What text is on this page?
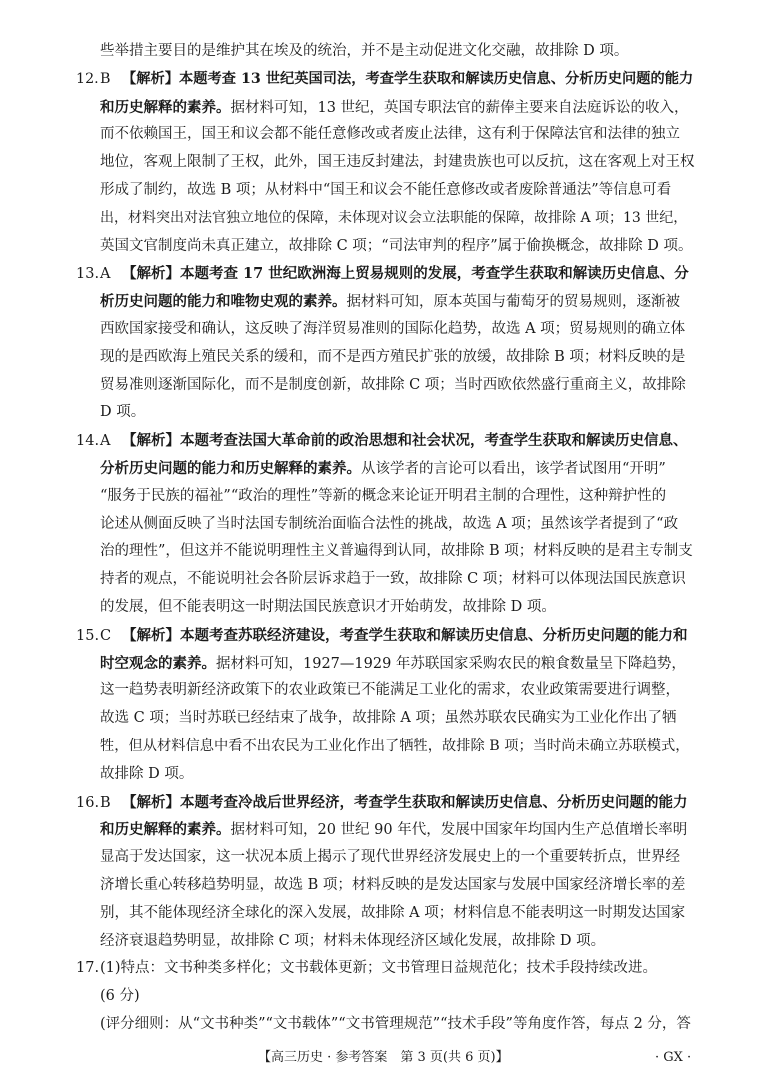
些举措主要目的是维护其在埃及的统治，并不是主动促进文化交融，故排除 D 项。
12.B 【解析】本题考查 13 世纪英国司法，考查学生获取和解读历史信息、分析历史问题的能力
和历史解释的素养。据材料可知，13 世纪，英国专职法官的薪俸主要来自法庭诉讼的收入，
而不依赖国王，国王和议会都不能任意修改或者废止法律，这有利于保障法官和法律的独立
地位，客观上限制了王权，此外，国王违反封建法，封建贵族也可以反抗，这在客观上对王权
形成了制约，故选 B 项；从材料中“国王和议会不能任意修改或者废除普通法”等信息可看
出，材料突出对法官独立地位的保障，未体现对议会立法职能的保障，故排除 A 项；13 世纪，
英国文官制度尚未真正建立，故排除 C 项；“司法审判的程序”属于偷换概念，故排除 D 项。
13.A 【解析】本题考查 17 世纪欧洲海上贸易规则的发展，考查学生获取和解读历史信息、分
析历史问题的能力和唯物史观的素养。据材料可知，原本英国与葡萄牙的贸易规则，逐渐被
西欧国家接受和确认，这反映了海洋贸易准则的国际化趋势，故选 A 项；贸易规则的确立体
现的是西欧海上殖民关系的缓和，而不是西方殖民扩张的放缓，故排除 B 项；材料反映的是
贸易准则逐渐国际化，而不是制度创新，故排除 C 项；当时西欧依然盛行重商主义，故排除
D 项。
14.A 【解析】本题考查法国大革命前的政治思想和社会状况，考查学生获取和解读历史信息、
分析历史问题的能力和历史解释的素养。从该学者的言论可以看出，该学者试图用“开明”
“服务于民族的福祉”“政治的理性”等新的概念来论证开明君主制的合理性，这种辩护性的
论述从侧面反映了当时法国专制统治面临合法性的挑战，故选 A 项；虽然该学者提到了“政
治的理性”，但这并不能说明理性主义普遍得到认同，故排除 B 项；材料反映的是君主专制支
持者的观点，不能说明社会各阶层诉求趋于一致，故排除 C 项；材料可以体现法国民族意识
的发展，但不能表明这一时期法国民族意识才开始萌发，故排除 D 项。
15.C 【解析】本题考查苏联经济建设，考查学生获取和解读历史信息、分析历史问题的能力和
时空观念的素养。据材料可知，1927—1929 年苏联国家采购农民的粮食数量呈下降趋势，
这一趋势表明新经济政策下的农业政策已不能满足工业化的需求，农业政策需要进行调整，
故选 C 项；当时苏联已经结束了战争，故排除 A 项；虽然苏联农民确实为工业化作出了牺
牲，但从材料信息中看不出农民为工业化作出了牺牲，故排除 B 项；当时尚未确立苏联模式，
故排除 D 项。
16.B 【解析】本题考查冷战后世界经济，考查学生获取和解读历史信息、分析历史问题的能力
和历史解释的素养。据材料可知，20 世纪 90 年代，发展中国家年均国内生产总值增长率明
显高于发达国家，这一状况本质上揭示了现代世界经济发展史上的一个重要转折点，世界经
济增长重心转移趋势明显，故选 B 项；材料反映的是发达国家与发展中国家经济增长率的差
别，其不能体现经济全球化的深入发展，故排除 A 项；材料信息不能表明这一时期发达国家
经济衰退趋势明显，故排除 C 项；材料未体现经济区域化发展，故排除 D 项。
17.(1)特点：文书种类多样化；文书载体更新；文书管理日益规范化；技术手段持续改进。
(6 分)
(评分细则：从“文书种类”“文书载体”“文书管理规范”“技术手段”等角度作答，每点 2 分，答
【高三历史 · 参考答案　第 3 页(共 6 页)】	· GX ·
